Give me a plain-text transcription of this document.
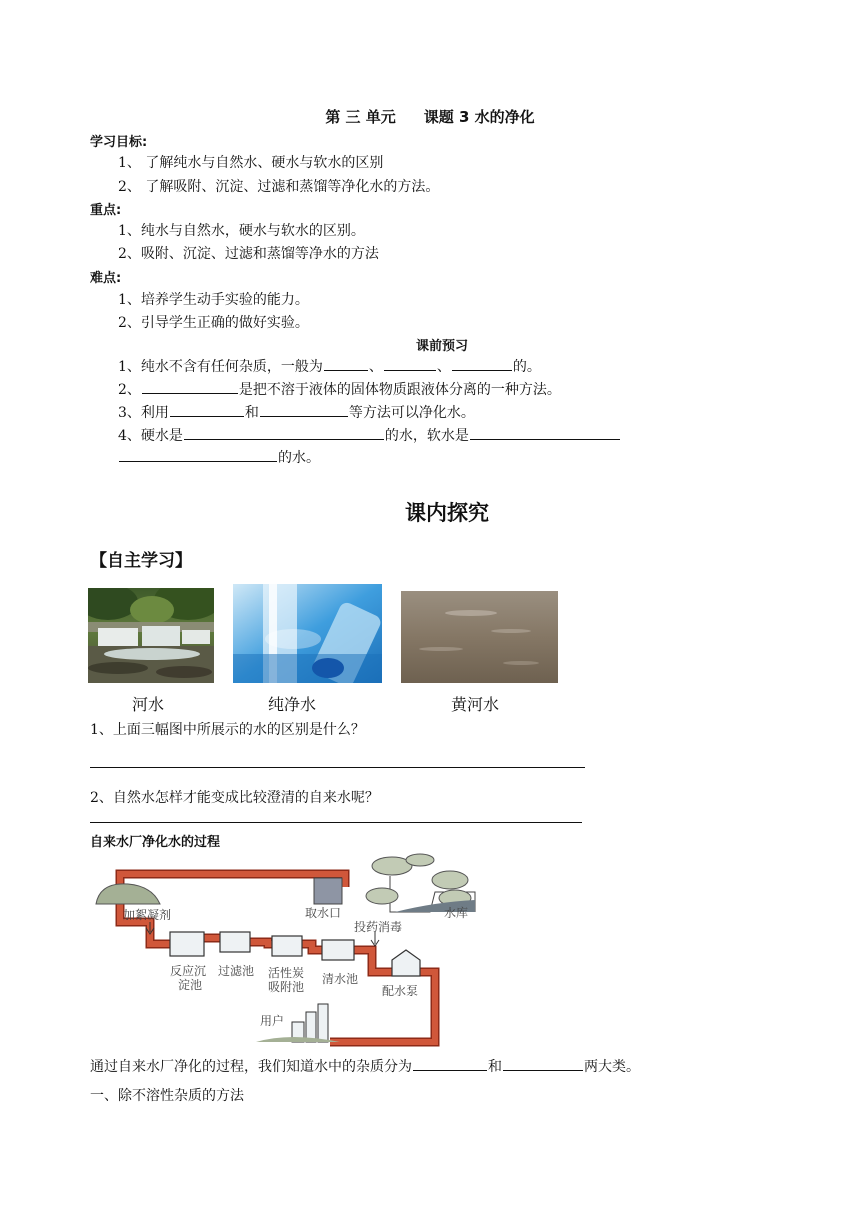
第 三 单元 课题 3 水的净化
学习目标:
1、 了解纯水与自然水、硬水与软水的区别
2、 了解吸附、沉淀、过滤和蒸馏等净化水的方法。
重点:
1、纯水与自然水，硬水与软水的区别。
2、吸附、沉淀、过滤和蒸馏等净水的方法
难点:
1、培养学生动手实验的能力。
2、引导学生正确的做好实验。
课前预习
1、纯水不含有任何杂质，一般为	、	、	的。
2、	是把不溶于液体的固体物质跟液体分离的一种方法。
3、利用	和	等方法可以净化水。
4、硬水是	的水，软水是
的水。
课内探究
【自主学习】
河水	纯净水	黄河水
1、上面三幅图中所展示的水的区别是什么？
2、自然水怎样才能变成比较澄清的自来水呢？
自来水厂净化水的过程
加絮凝剂	取水口	水库
投药消毒
反应沉
淀池
过滤池 活性炭
吸附池
清水池
配水泵
用户
通过自来水厂净化的过程，我们知道水中的杂质分为	和	两大类。
一、除不溶性杂质的方法
